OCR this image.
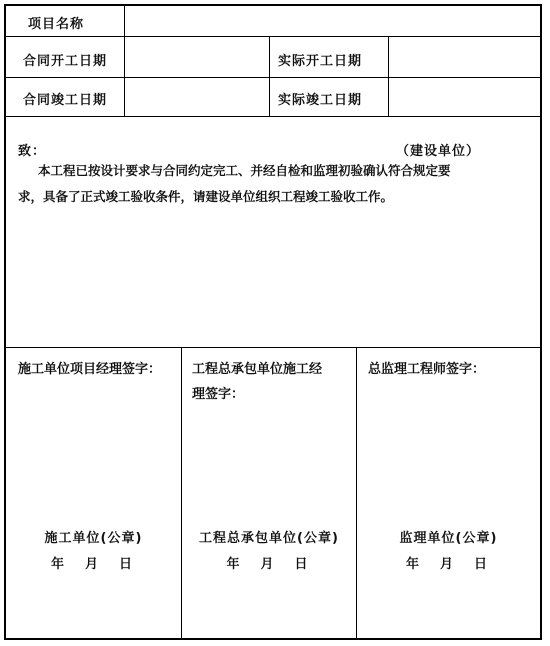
项目名称
合同开工日期	实际开工日期
合同竣工日期	实际竣工日期
致：	（建设单位）
本工程已按设计要求与合同约定完工、并经自检和监理初验确认符合规定要
求，具备了正式竣工验收条件，请建设单位组织工程竣工验收工作。
施工单位项目经理签字：
施工单位(公章)
年　月　日
工程总承包单位施工经
理签字：
工程总承包单位(公章)
年　月　日
总监理工程师签字：
监理单位(公章)
年　月　日
